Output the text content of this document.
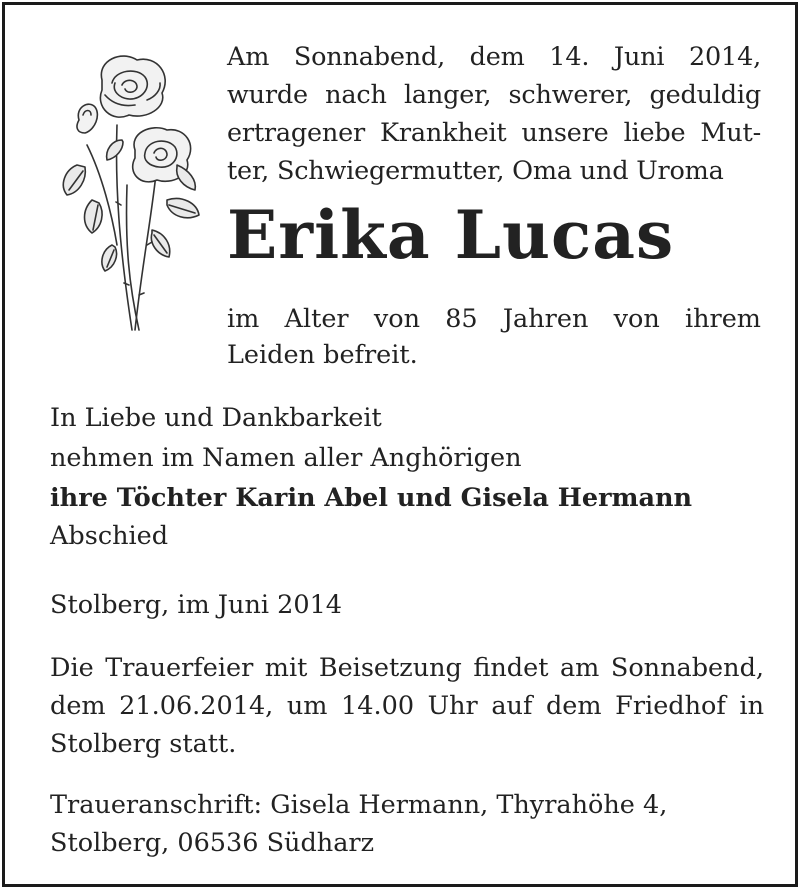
Am Sonnabend, dem 14. Juni 2014,
wurde nach langer, schwerer, geduldig
ertragener Krankheit unsere liebe Mut-
ter, Schwiegermutter, Oma und Uroma
Erika Lucas
im Alter von 85 Jahren von ihrem
Leiden befreit.
In Liebe und Dankbarkeit
nehmen im Namen aller Anghörigen
ihre Töchter Karin Abel und Gisela Hermann
Abschied
Stolberg, im Juni 2014
Die Trauerfeier mit Beisetzung findet am Sonnabend,
dem 21.06.2014, um 14.00 Uhr auf dem Friedhof in
Stolberg statt.
Traueranschrift: Gisela Hermann, Thyrahöhe 4,
Stolberg, 06536 Südharz
